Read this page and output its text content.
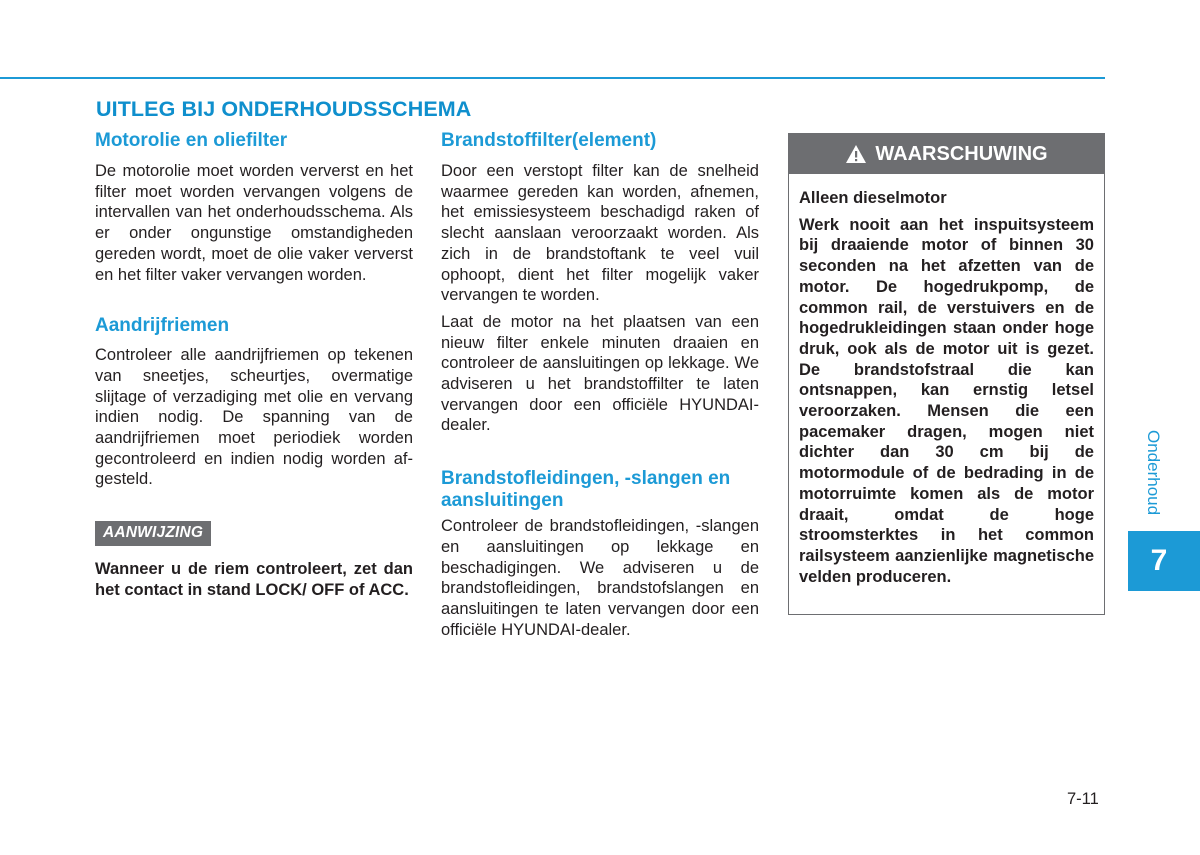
UITLEG BIJ ONDERHOUDSSCHEMA
Motorolie en oliefilter

De motorolie moet worden ververst en het filter moet worden vervangen volgens de intervallen van het onderhoudsschema. Als er onder ongunstige omstandigheden gereden wordt, moet de olie vaker ververst en het filter vaker vervangen worden.

Aandrijfriemen

Controleer alle aandrijfriemen op tekenen van sneetjes, scheurtjes, overmatige slijtage of verzadiging met olie en vervang indien nodig. De spanning van de aandrijfriemen moet periodiek worden gecontroleerd en indien nodig worden afgesteld.

AANWIJZING

Wanneer u de riem controleert, zet dan het contact in stand LOCK/ OFF of ACC.

Brandstoffilter(element)

Door een verstopt filter kan de snelheid waarmee gereden kan worden, afnemen, het emissiesysteem beschadigd raken of slecht aanslaan veroorzaakt worden. Als zich in de brandstoftank te veel vuil ophoopt, dient het filter mogelijk vaker vervangen te worden.

Laat de motor na het plaatsen van een nieuw filter enkele minuten draaien en controleer de aansluitingen op lekkage. We adviseren u het brandstoffilter te laten vervangen door een officiële HYUNDAI-dealer.

Brandstofleidingen, -slangen en aansluitingen

Controleer de brandstofleidingen, -slangen en aansluitingen op lekkage en beschadigingen. We adviseren u de brandstofleidingen, brandstofslangen en aansluitingen te laten vervangen door een officiële HYUNDAI-dealer.

WAARSCHUWING

Alleen dieselmotor

Werk nooit aan het inspuitsysteem bij draaiende motor of binnen 30 seconden na het afzetten van de motor. De hogedrukpomp, de common rail, de verstuivers en de hogedrukleidingen staan onder hoge druk, ook als de motor uit is gezet. De brandstofstraal die kan ontsnappen, kan ernstig letsel veroorzaken. Mensen die een pacemaker dragen, mogen niet dichter dan 30 cm bij de motormodule of de bedrading in de motorruimte komen als de motor draait, omdat de hoge stroomsterktes in het common railsysteem aanzienlijke magnetische velden produceren.

Onderhoud
7
7-11
